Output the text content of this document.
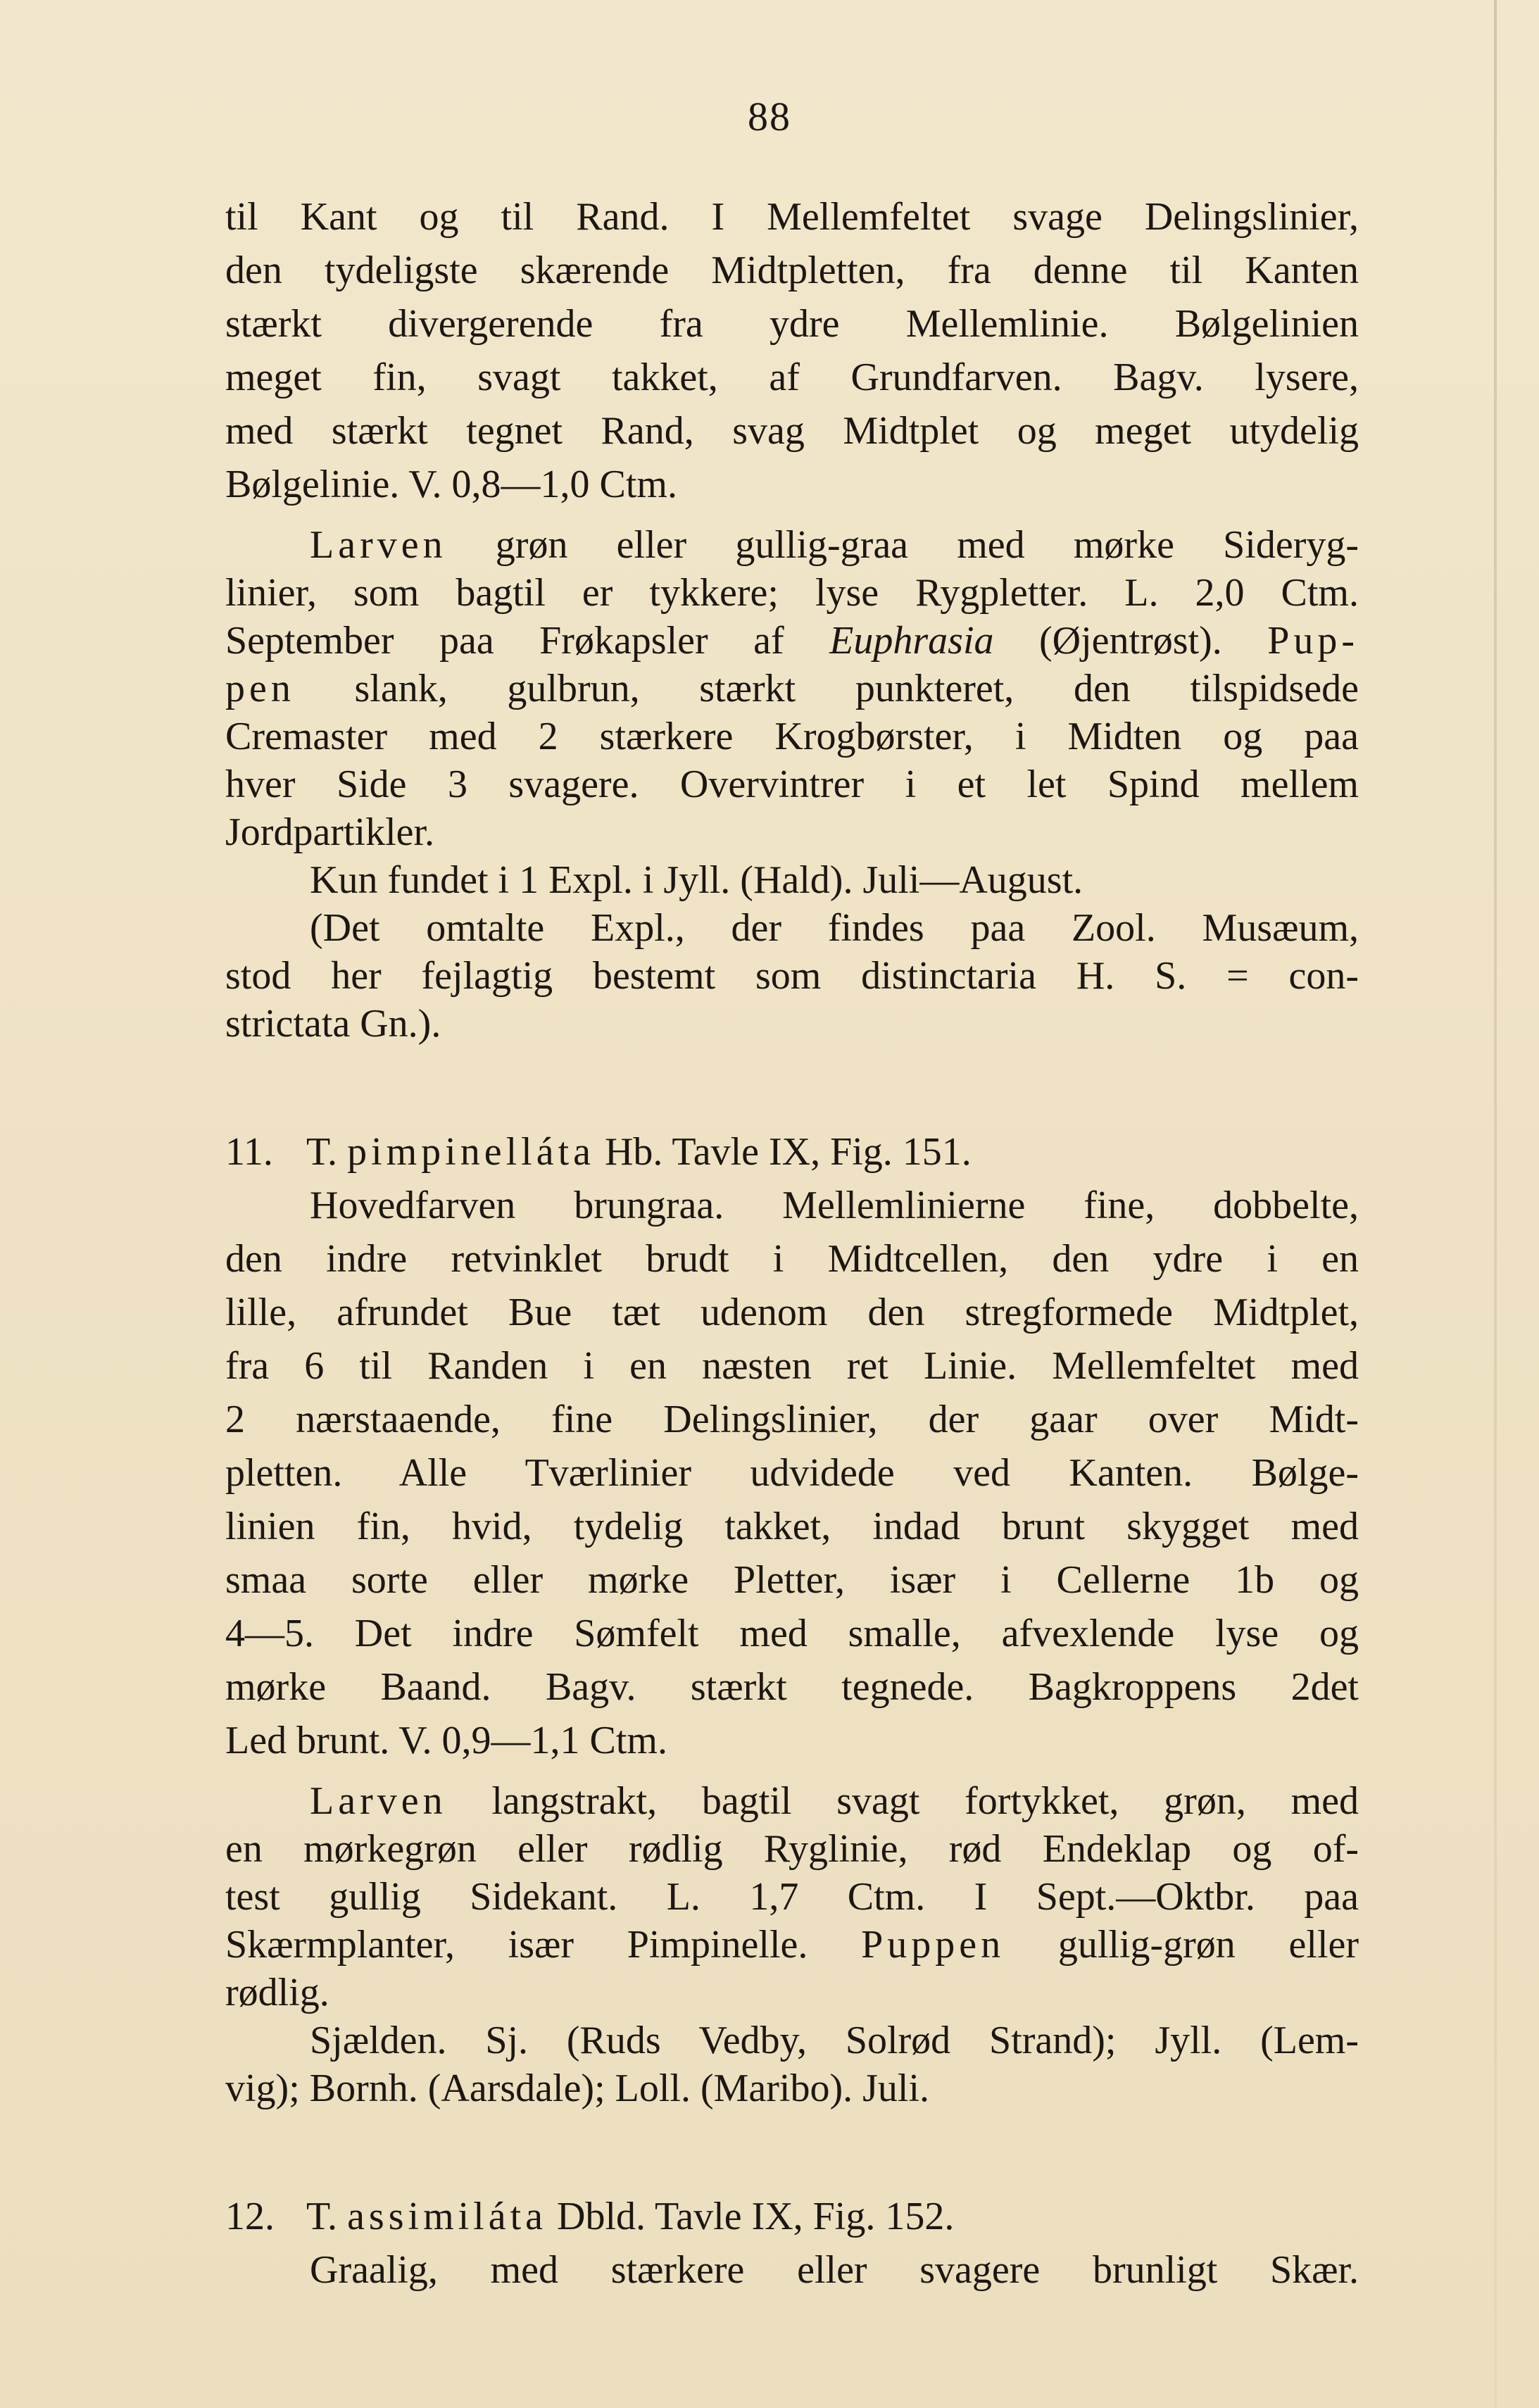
88
til Kant og til Rand. I Mellemfeltet svage Delingslinier,
den tydeligste skærende Midtpletten, fra denne til Kanten
stærkt divergerende fra ydre Mellemlinie. Bølgelinien
meget fin, svagt takket, af Grundfarven. Bagv. lysere,
med stærkt tegnet Rand, svag Midtplet og meget utydelig
Bølgelinie. V. 0,8—1,0 Ctm.
Larven grøn eller gullig-graa med mørke Sideryg-
linier, som bagtil er tykkere; lyse Rygpletter. L. 2,0 Ctm.
September paa Frøkapsler af Euphrasia (Øjentrøst). Pup-
pen slank, gulbrun, stærkt punkteret, den tilspidsede
Cremaster med 2 stærkere Krogbørster, i Midten og paa
hver Side 3 svagere. Overvintrer i et let Spind mellem
Jordpartikler.
Kun fundet i 1 Expl. i Jyll. (Hald). Juli—August.
(Det omtalte Expl., der findes paa Zool. Musæum,
stod her fejlagtig bestemt som distinctaria H. S. = con-
strictata Gn.).
11. T. pimpinelláta Hb. Tavle IX, Fig. 151.
Hovedfarven brungraa. Mellemlinierne fine, dobbelte,
den indre retvinklet brudt i Midtcellen, den ydre i en
lille, afrundet Bue tæt udenom den stregformede Midtplet,
fra 6 til Randen i en næsten ret Linie. Mellemfeltet med
2 nærstaaende, fine Delingslinier, der gaar over Midt-
pletten. Alle Tværlinier udvidede ved Kanten. Bølge-
linien fin, hvid, tydelig takket, indad brunt skygget med
smaa sorte eller mørke Pletter, især i Cellerne 1b og
4—5. Det indre Sømfelt med smalle, afvexlende lyse og
mørke Baand. Bagv. stærkt tegnede. Bagkroppens 2det
Led brunt. V. 0,9—1,1 Ctm.
Larven langstrakt, bagtil svagt fortykket, grøn, med
en mørkegrøn eller rødlig Ryglinie, rød Endeklap og of-
test gullig Sidekant. L. 1,7 Ctm. I Sept.—Oktbr. paa
Skærmplanter, især Pimpinelle. Puppen gullig-grøn eller
rødlig.
Sjælden. Sj. (Ruds Vedby, Solrød Strand); Jyll. (Lem-
vig); Bornh. (Aarsdale); Loll. (Maribo). Juli.
12. T. assimiláta Dbld. Tavle IX, Fig. 152.
Graalig, med stærkere eller svagere brunligt Skær.
